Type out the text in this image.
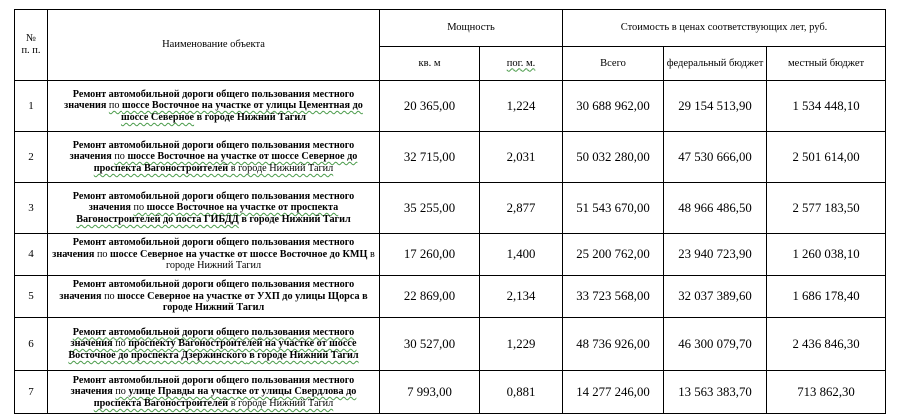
№
п. п.	Наименование объекта	Мощность		Стоимость в ценах соответствующих лет, руб.		
		кв. м	пог. м.	Всего	федеральный бюджет	местный бюджет
1	Ремонт автомобильной дороги общего пользования местного значения по шоссе Восточное на участке от улицы Цементная до шоссе Северное в городе Нижний Тагил	20 365,00	1,224	30 688 962,00	29 154 513,90	1 534 448,10
2	Ремонт автомобильной дороги общего пользования местного значения по шоссе Восточное на участке от шоссе Северное до проспекта Вагоностроителей в городе Нижний Тагил	32 715,00	2,031	50 032 280,00	47 530 666,00	2 501 614,00
3	Ремонт автомобильной дороги общего пользования местного значения по шоссе Восточное на участке от проспекта Вагоностроителей до поста ГИБДД в городе Нижний Тагил	35 255,00	2,877	51 543 670,00	48 966 486,50	2 577 183,50
4	Ремонт автомобильной дороги общего пользования местного значения по шоссе Северное на участке от шоссе Восточное до КМЦ в городе Нижний Тагил	17 260,00	1,400	25 200 762,00	23 940 723,90	1 260 038,10
5	Ремонт автомобильной дороги общего пользования местного значения по шоссе Северное на участке от УХП до улицы Щорса в городе Нижний Тагил	22 869,00	2,134	33 723 568,00	32 037 389,60	1 686 178,40
6	Ремонт автомобильной дороги общего пользования местного значения по проспекту Вагоностроителей на участке от шоссе Восточное до проспекта Дзержинского в городе Нижний Тагил	30 527,00	1,229	48 736 926,00	46 300 079,70	2 436 846,30
7	Ремонт автомобильной дороги общего пользования местного значения по улице Правды на участке от улицы Свердлова до проспекта Вагоностроителей в городе Нижний Тагил	7 993,00	0,881	14 277 246,00	13 563 383,70	713 862,30
